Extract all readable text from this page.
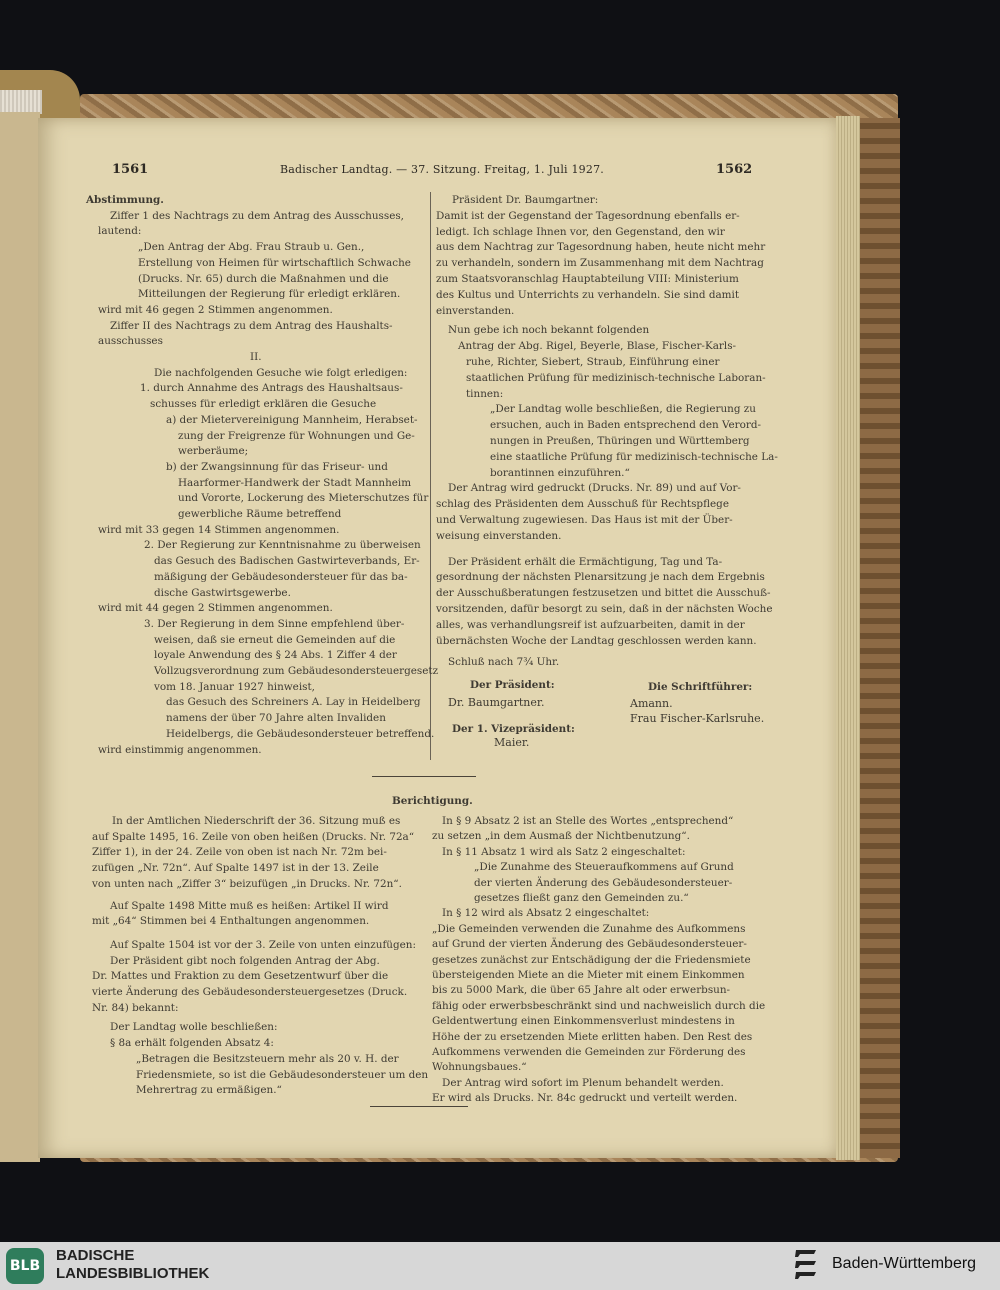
1561	Badischer Landtag. — 37. Sitzung. Freitag, 1. Juli 1927.	1562
Abstimmung.
Ziffer 1 des Nachtrags zu dem Antrag des Ausschusses,
lautend:
„Den Antrag der Abg. Frau Straub u. Gen.,
Erstellung von Heimen für wirtschaftlich Schwache
(Drucks. Nr. 65) durch die Maßnahmen und die
Mitteilungen der Regierung für erledigt erklären.
wird mit 46 gegen 2 Stimmen angenommen.
Ziffer II des Nachtrags zu dem Antrag des Haushalts-
ausschusses
II.
Die nachfolgenden Gesuche wie folgt erledigen:
1. durch Annahme des Antrags des Haushaltsaus-
schusses für erledigt erklären die Gesuche
a) der Mietervereinigung Mannheim, Herabset-
zung der Freigrenze für Wohnungen und Ge-
werberäume;
b) der Zwangsinnung für das Friseur- und
Haarformer-Handwerk der Stadt Mannheim
und Vororte, Lockerung des Mieterschutzes für
gewerbliche Räume betreffend
wird mit 33 gegen 14 Stimmen angenommen.
2. Der Regierung zur Kenntnisnahme zu überweisen
das Gesuch des Badischen Gastwirteverbands, Er-
mäßigung der Gebäudesondersteuer für das ba-
dische Gastwirtsgewerbe.
wird mit 44 gegen 2 Stimmen angenommen.
3. Der Regierung in dem Sinne empfehlend über-
weisen, daß sie erneut die Gemeinden auf die
loyale Anwendung des § 24 Abs. 1 Ziffer 4 der
Vollzugsverordnung zum Gebäudesondersteuergesetz
vom 18. Januar 1927 hinweist,
das Gesuch des Schreiners A. Lay in Heidelberg
namens der über 70 Jahre alten Invaliden
Heidelbergs, die Gebäudesondersteuer betreffend.
wird einstimmig angenommen.
Präsident Dr. Baumgartner:
Damit ist der Gegenstand der Tagesordnung ebenfalls er-
ledigt. Ich schlage Ihnen vor, den Gegenstand, den wir
aus dem Nachtrag zur Tagesordnung haben, heute nicht mehr
zu verhandeln, sondern im Zusammenhang mit dem Nachtrag
zum Staatsvoranschlag Hauptabteilung VIII: Ministerium
des Kultus und Unterrichts zu verhandeln. Sie sind damit
einverstanden.
Nun gebe ich noch bekannt folgenden
Antrag der Abg. Rigel, Beyerle, Blase, Fischer-Karls-
ruhe, Richter, Siebert, Straub, Einführung einer
staatlichen Prüfung für medizinisch-technische Laboran-
tinnen:
„Der Landtag wolle beschließen, die Regierung zu
ersuchen, auch in Baden entsprechend den Verord-
nungen in Preußen, Thüringen und Württemberg
eine staatliche Prüfung für medizinisch-technische La-
borantinnen einzuführen.“
Der Antrag wird gedruckt (Drucks. Nr. 89) und auf Vor-
schlag des Präsidenten dem Ausschuß für Rechtspflege
und Verwaltung zugewiesen. Das Haus ist mit der Über-
weisung einverstanden.
Der Präsident erhält die Ermächtigung, Tag und Ta-
gesordnung der nächsten Plenarsitzung je nach dem Ergebnis
der Ausschußberatungen festzusetzen und bittet die Ausschuß-
vorsitzenden, dafür besorgt zu sein, daß in der nächsten Woche
alles, was verhandlungsreif ist aufzuarbeiten, damit in der
übernächsten Woche der Landtag geschlossen werden kann.
Schluß nach 7¾ Uhr.
Der Präsident:
Dr. Baumgartner.
Die Schriftführer:
Amann.
Frau Fischer-Karlsruhe.
Der 1. Vizepräsident:
Maier.
Berichtigung.
In der Amtlichen Niederschrift der 36. Sitzung muß es
auf Spalte 1495, 16. Zeile von oben heißen (Drucks. Nr. 72a“
Ziffer 1), in der 24. Zeile von oben ist nach Nr. 72m bei-
zufügen „Nr. 72n“. Auf Spalte 1497 ist in der 13. Zeile
von unten nach „Ziffer 3“ beizufügen „in Drucks. Nr. 72n“.
Auf Spalte 1498 Mitte muß es heißen: Artikel II wird
mit „64“ Stimmen bei 4 Enthaltungen angenommen.
Auf Spalte 1504 ist vor der 3. Zeile von unten einzufügen:
Der Präsident gibt noch folgenden Antrag der Abg.
Dr. Mattes und Fraktion zu dem Gesetzentwurf über die
vierte Änderung des Gebäudesondersteuergesetzes (Druck.
Nr. 84) bekannt:
Der Landtag wolle beschließen:
§ 8a erhält folgenden Absatz 4:
„Betragen die Besitzsteuern mehr als 20 v. H. der
Friedensmiete, so ist die Gebäudesondersteuer um den
Mehrertrag zu ermäßigen.“
In § 9 Absatz 2 ist an Stelle des Wortes „entsprechend“
zu setzen „in dem Ausmaß der Nichtbenutzung“.
In § 11 Absatz 1 wird als Satz 2 eingeschaltet:
„Die Zunahme des Steueraufkommens auf Grund
der vierten Änderung des Gebäudesondersteuer-
gesetzes fließt ganz den Gemeinden zu.“
In § 12 wird als Absatz 2 eingeschaltet:
„Die Gemeinden verwenden die Zunahme des Aufkommens
auf Grund der vierten Änderung des Gebäudesondersteuer-
gesetzes zunächst zur Entschädigung der die Friedensmiete
übersteigenden Miete an die Mieter mit einem Einkommen
bis zu 5000 Mark, die über 65 Jahre alt oder erwerbsun-
fähig oder erwerbsbeschränkt sind und nachweislich durch die
Geldentwertung einen Einkommensverlust mindestens in
Höhe der zu ersetzenden Miete erlitten haben. Den Rest des
Aufkommens verwenden die Gemeinden zur Förderung des
Wohnungsbaues.“
Der Antrag wird sofort im Plenum behandelt werden.
Er wird als Drucks. Nr. 84c gedruckt und verteilt werden.
BLB
BADISCHE
LANDESBIBLIOTHEK
Baden-Württemberg
